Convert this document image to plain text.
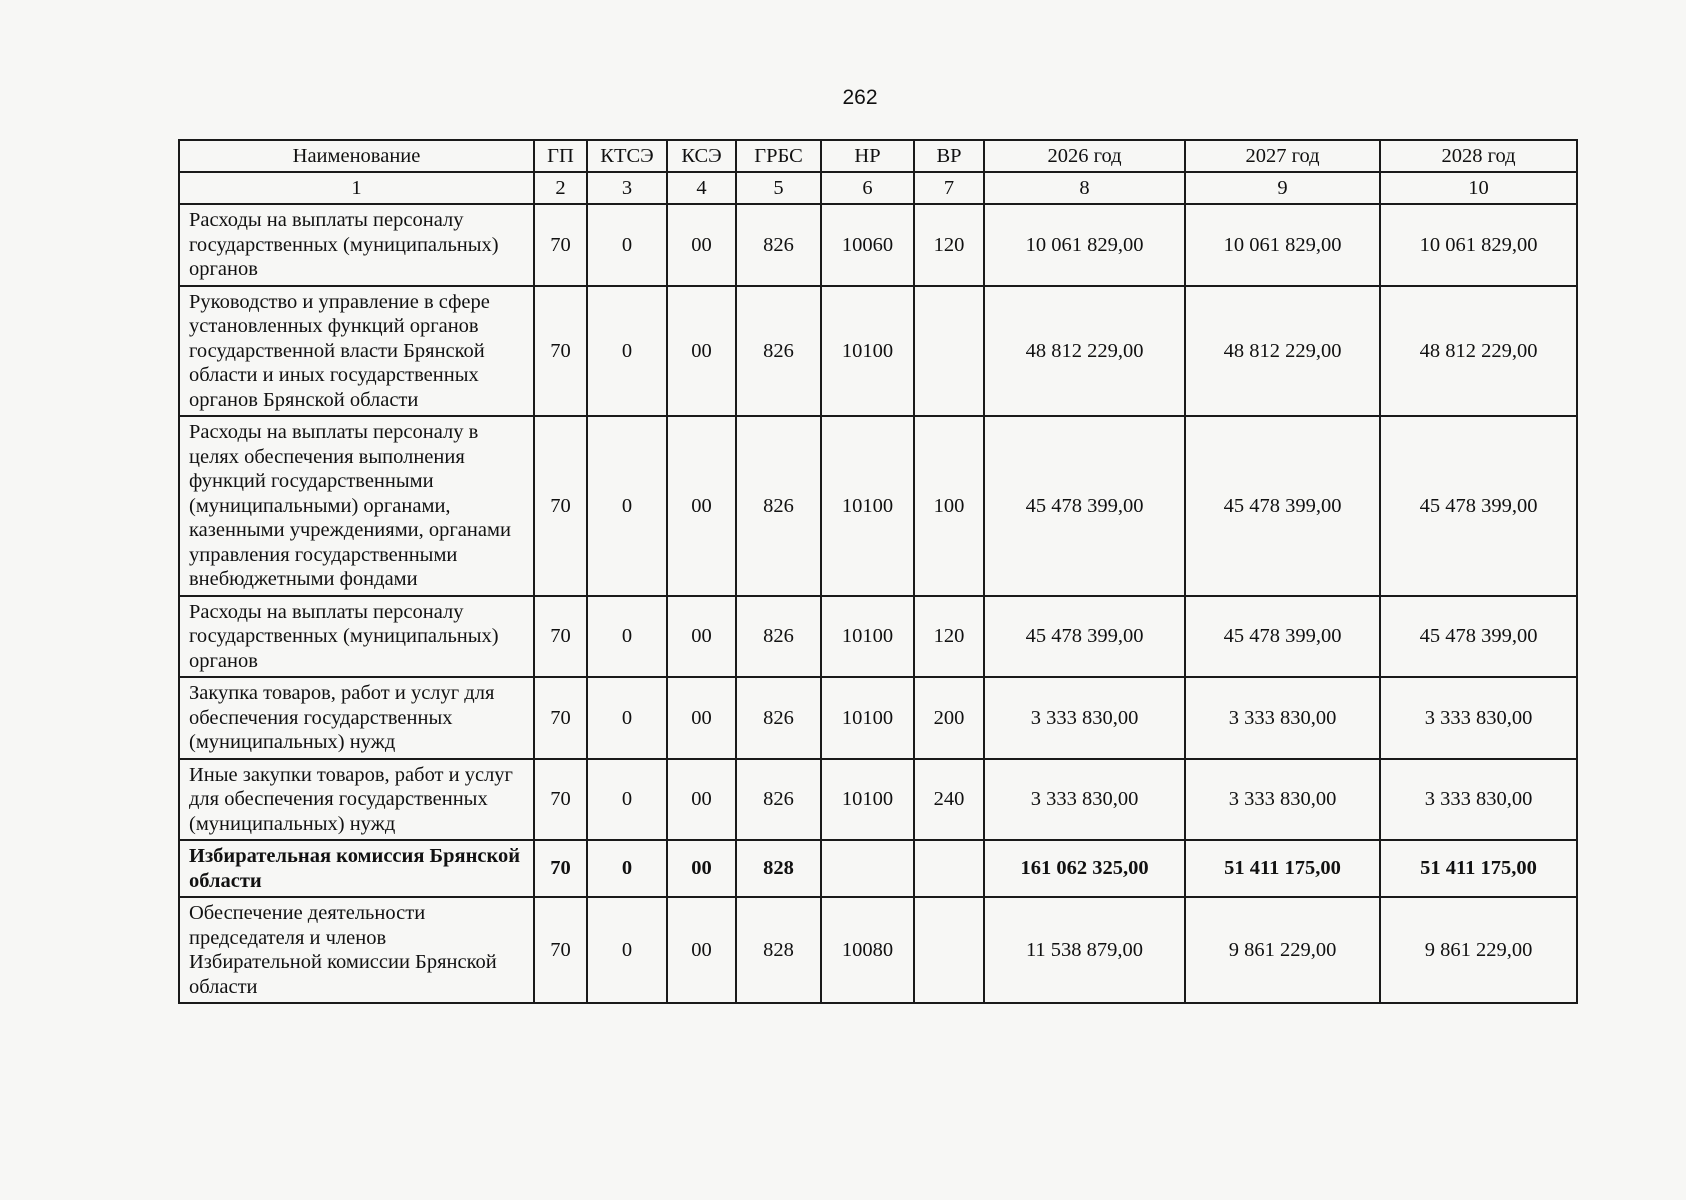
262
Наименование	ГП	КТСЭ	КСЭ	ГРБС	НР	ВР	2026 год	2027 год	2028 год
1	2	3	4	5	6	7	8	9	10
Расходы на выплаты персоналу государственных (муниципальных) органов	70	0	00	826	10060	120	10 061 829,00	10 061 829,00	10 061 829,00
Руководство и управление в сфере установленных функций органов государственной власти Брянской области и иных государственных органов Брянской области	70	0	00	826	10100		48 812 229,00	48 812 229,00	48 812 229,00
Расходы на выплаты персоналу в целях обеспечения выполнения функций государственными (муниципальными) органами, казенными учреждениями, органами управления государственными внебюджетными фондами	70	0	00	826	10100	100	45 478 399,00	45 478 399,00	45 478 399,00
Расходы на выплаты персоналу государственных (муниципальных) органов	70	0	00	826	10100	120	45 478 399,00	45 478 399,00	45 478 399,00
Закупка товаров, работ и услуг для обеспечения государственных (муниципальных) нужд	70	0	00	826	10100	200	3 333 830,00	3 333 830,00	3 333 830,00
Иные закупки товаров, работ и услуг для обеспечения государственных (муниципальных) нужд	70	0	00	826	10100	240	3 333 830,00	3 333 830,00	3 333 830,00
Избирательная комиссия Брянской области	70	0	00	828			161 062 325,00	51 411 175,00	51 411 175,00
Обеспечение деятельности председателя и членов Избирательной комиссии Брянской области	70	0	00	828	10080		11 538 879,00	9 861 229,00	9 861 229,00
